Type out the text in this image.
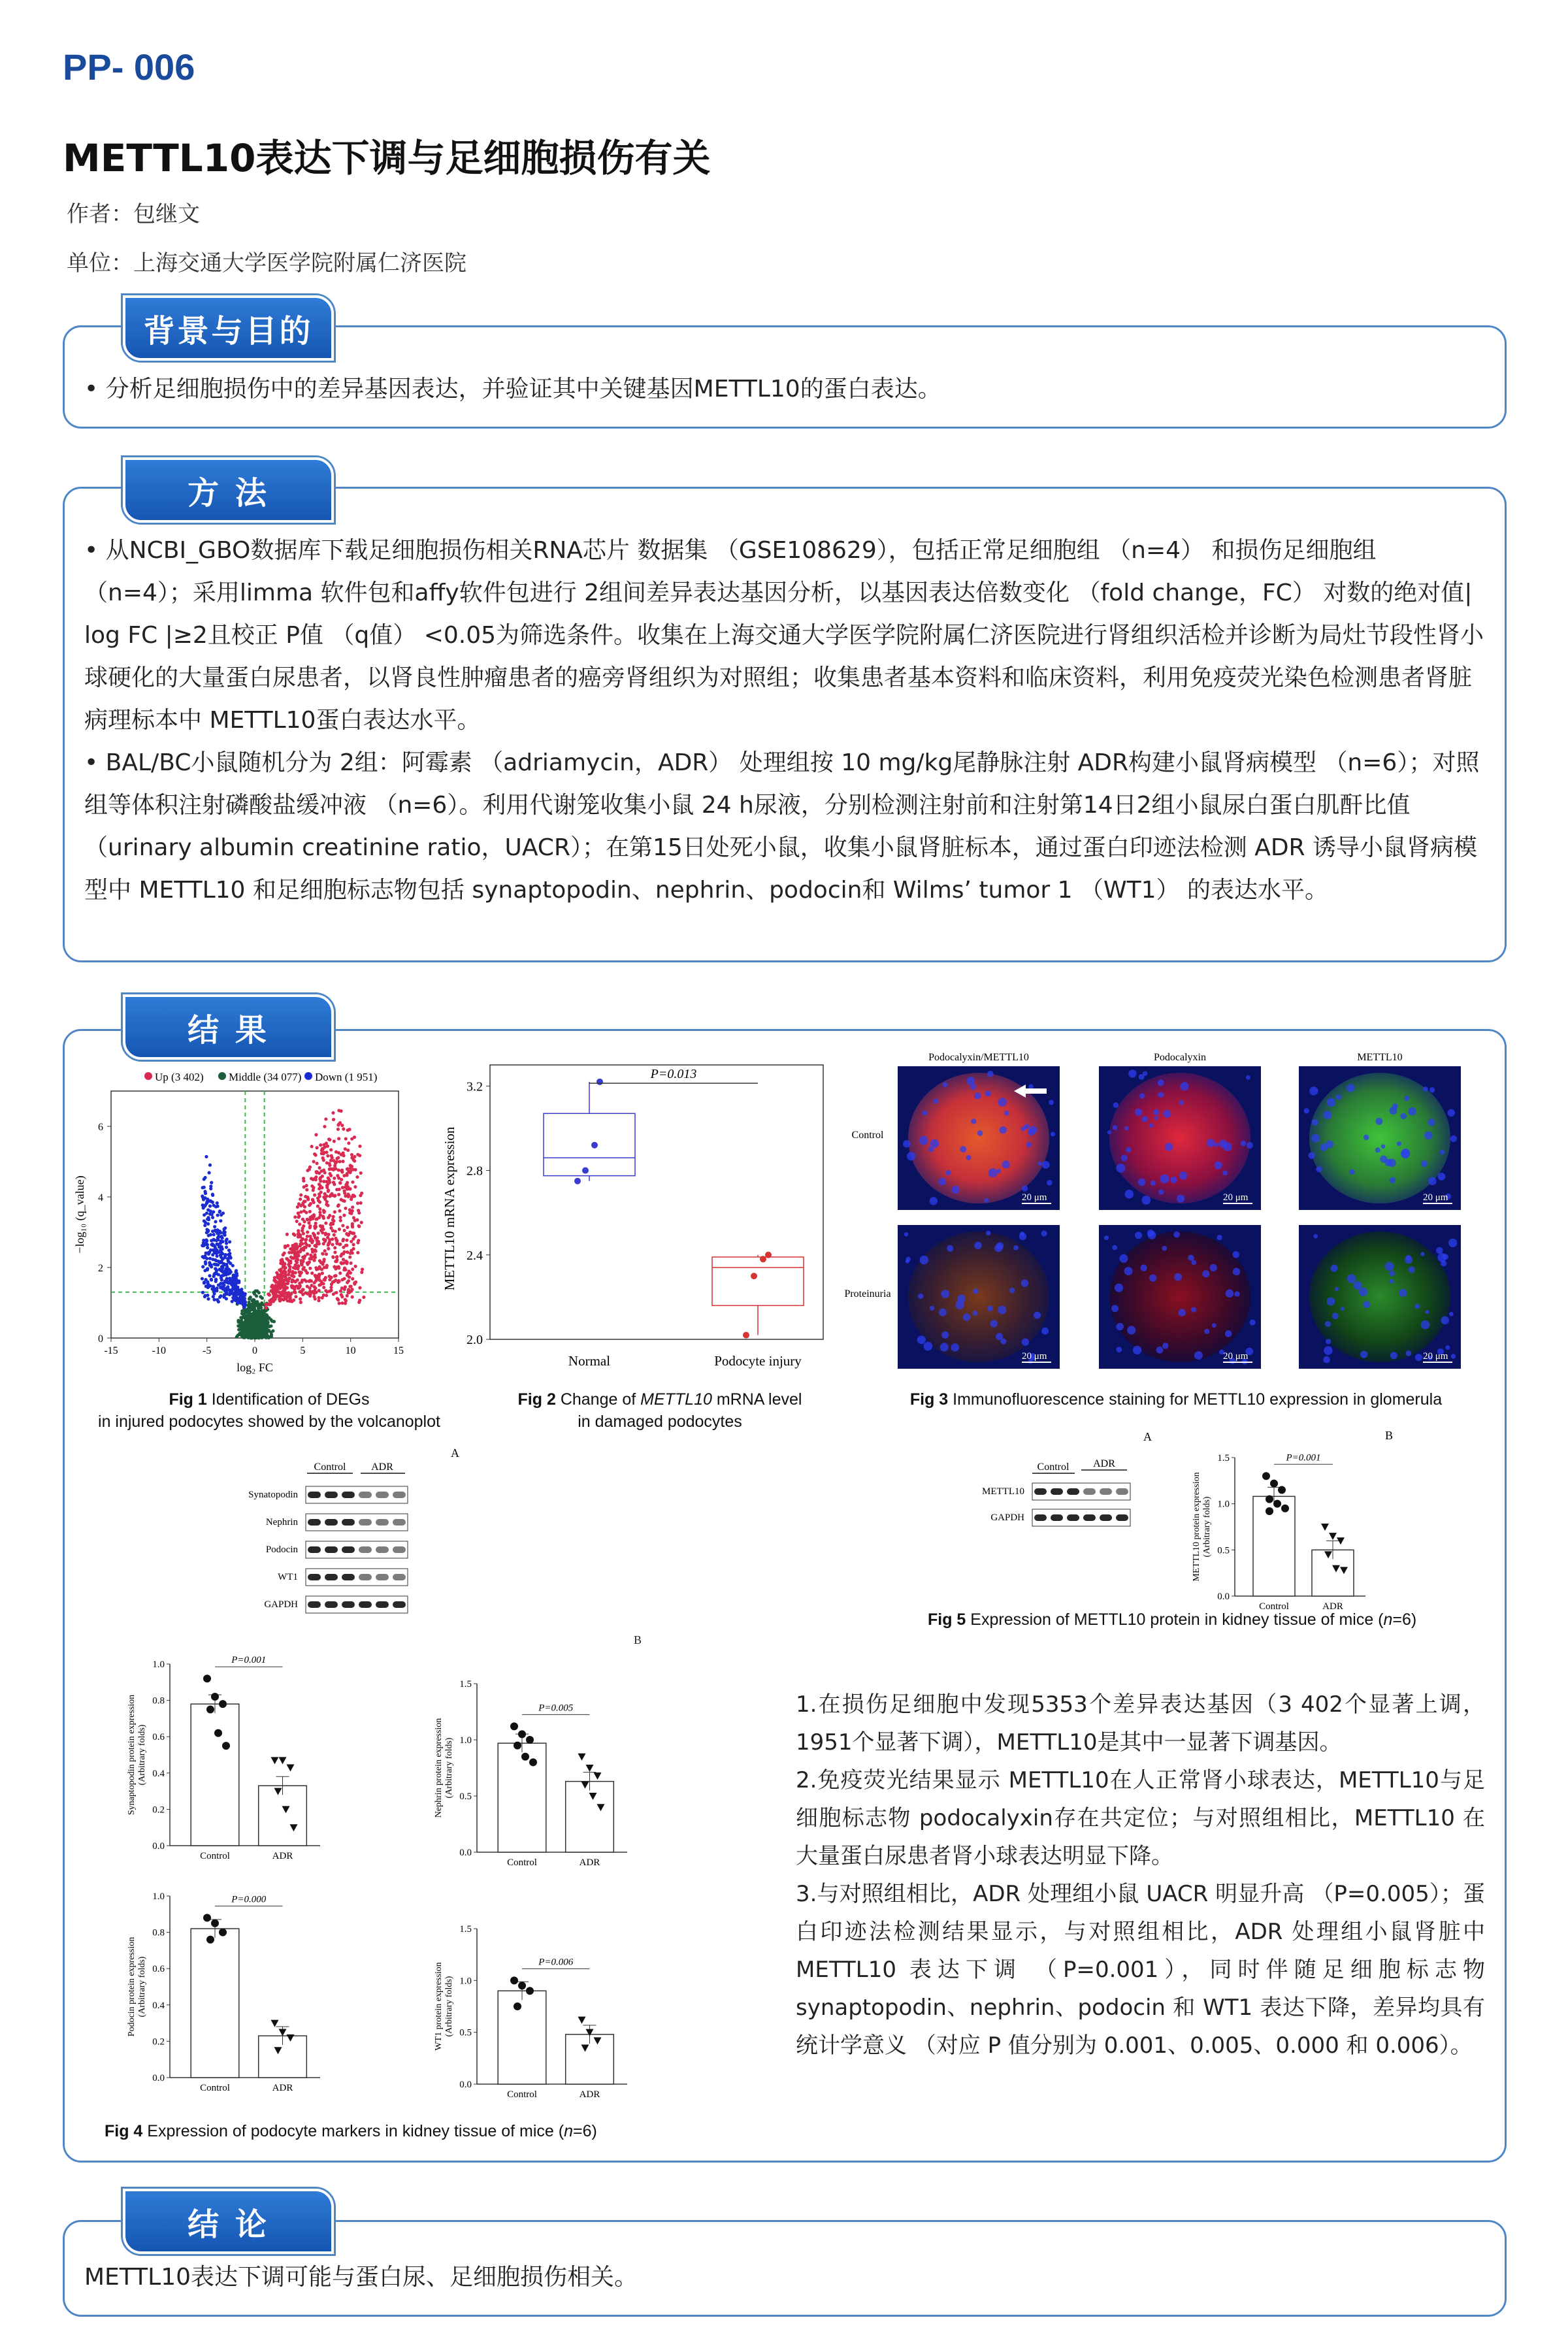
PP- 006
METTL10表达下调与足细胞损伤有关
作者：包继文
单位：上海交通大学医学院附属仁济医院
• 分析足细胞损伤中的差异基因表达，并验证其中关键基因METTL10的蛋白表达。
背景与目的

• 从NCBI_GBO数据库下载足细胞损伤相关RNA芯片 数据集 （GSE108629），包括正常足细胞组 （n=4） 和损伤足细胞组 （n=4）；采用limma 软件包和affy软件包进行 2组间差异表达基因分析，以基因表达倍数变化 （fold change，FC） 对数的绝对值| log FC |≥2且校正 P值 （q值） <0.05为筛选条件。收集在上海交通大学医学院附属仁济医院进行肾组织活检并诊断为局灶节段性肾小球硬化的大量蛋白尿患者，以肾良性肿瘤患者的癌旁肾组织为对照组；收集患者基本资料和临床资料，利用免疫荧光染色检测患者肾脏病理标本中 METTL10蛋白表达水平。

• BAL/BC小鼠随机分为 2组：阿霉素 （adriamycin，ADR） 处理组按 10 mg/kg尾静脉注射 ADR构建小鼠肾病模型 （n=6）；对照组等体积注射磷酸盐缓冲液 （n=6）。利用代谢笼收集小鼠 24 h尿液，分别检测注射前和注射第14日2组小鼠尿白蛋白肌酐比值 （urinary albumin creatinine ratio，UACR）；在第15日处死小鼠，收集小鼠肾脏标本，通过蛋白印迹法检测 ADR 诱导小鼠肾病模型中 METTL10 和足细胞标志物包括 synaptopodin、nephrin、podocin和 Wilms’ tumor 1 （WT1） 的表达水平。

方 法
结 果
Up (3 402) Middle (34 077) Down (1 951)
-15	-10	-5	0	5	10	15
0
2
4
6
−log₁₀ (q_value)
log₂ FC
Fig 1 Identification of DEGs
in injured podocytes showed by the volcanoplot
2.0
2.4
2.8
3.2
METTL10 mRNA expression
Normal	Podocyte injury
P=0.013
Fig 2 Change of METTL10 mRNA level
in damaged podocytes
Podocalyxin/METTL10	Podocalyxin	METTL10
Control
Proteinuria
20 μm	20 μm	20 μm
20 μm	20 μm	20 μm
Fig 3 Immunofluorescence staining for METTL10 expression in glomerula
A
Control ADR
Synatopodin
Nephrin
Podocin
WT1
GAPDH
B
0.0
0.2
0.4
0.6
0.8
1.0
Control	ADR
P=0.001
Synaptopodin protein expression (Arbitrary folds)
0.0
0.5
1.0
1.5
Control	ADR
P=0.005
Nephrin protein expression (Arbitrary folds)
0.0
0.2
0.4
0.6
0.8
1.0
Control	ADR
P=0.000
Podocin protein expression (Arbitrary folds)
0.0
0.5
1.0
1.5
Control	ADR
P=0.006
WT1 protein expression (Arbitrary folds)
Fig 4 Expression of podocyte markers in kidney tissue of mice (n=6)
A
Control ADR
METTL10
GAPDH
0.0
0.5
1.0
1.5
Control	ADR
P=0.001
METTL10 protein expression (Arbitrary folds)
B
Fig 5 Expression of METTL10 protein in kidney tissue of mice (n=6)

1.在损伤足细胞中发现5353个差异表达基因（3 402个显著上调，1951个显著下调），METTL10是其中一显著下调基因。

2.免疫荧光结果显示 METTL10在人正常肾小球表达，METTL10与足细胞标志物 podocalyxin存在共定位；与对照组相比，METTL10 在大量蛋白尿患者肾小球表达明显下降。

3.与对照组相比，ADR 处理组小鼠 UACR 明显升高 （P=0.005）；蛋白印迹法检测结果显示，与对照组相比，ADR 处理组小鼠肾脏中 METTL10 表达下调 （P=0.001），同时伴随足细胞标志物synaptopodin、nephrin、podocin 和 WT1 表达下降，差异均具有统计学意义 （对应 P 值分别为 0.001、0.005、0.000 和 0.006）。

METTL10表达下调可能与蛋白尿、足细胞损伤相关。
结 论
